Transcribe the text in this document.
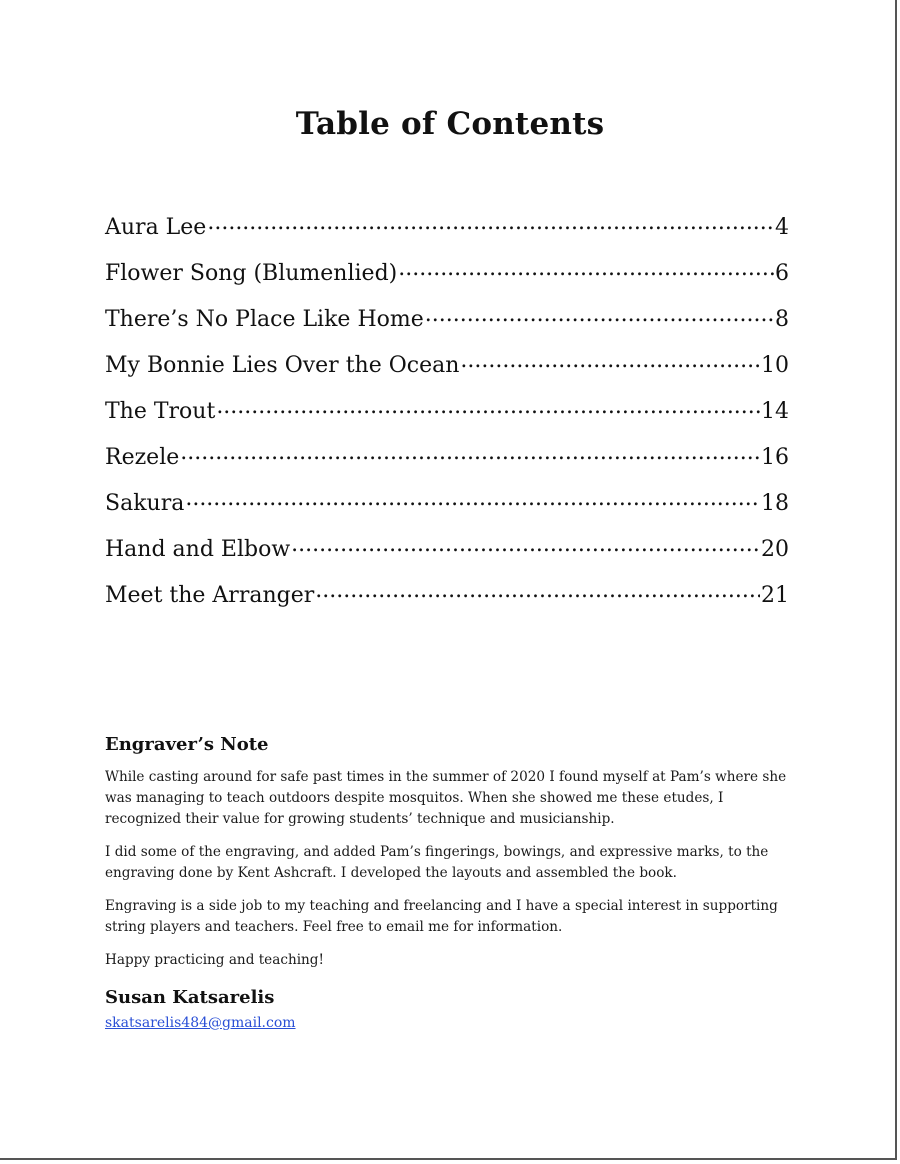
Table of Contents
Aura Lee .....	4
Flower Song (Blumenlied) .....	6
There’s No Place Like Home .....	8
My Bonnie Lies Over the Ocean .....	10
The Trout .....	14
Rezele .....	16
Sakura .....	18
Hand and Elbow .....	20
Meet the Arranger .....	21
Engraver’s Note

While casting around for safe past times in the summer of 2020 I found myself at Pam’s where she was managing to teach outdoors despite mosquitos. When she showed me these etudes, I recognized their value for growing students’ technique and musicianship.

I did some of the engraving, and added Pam’s fingerings, bowings, and expressive marks, to the engraving done by Kent Ashcraft. I developed the layouts and assembled the book.

Engraving is a side job to my teaching and freelancing and I have a special interest in supporting string players and teachers. Feel free to email me for information.

Happy practicing and teaching!

Susan Katsarelis
skatsarelis484@gmail.com
